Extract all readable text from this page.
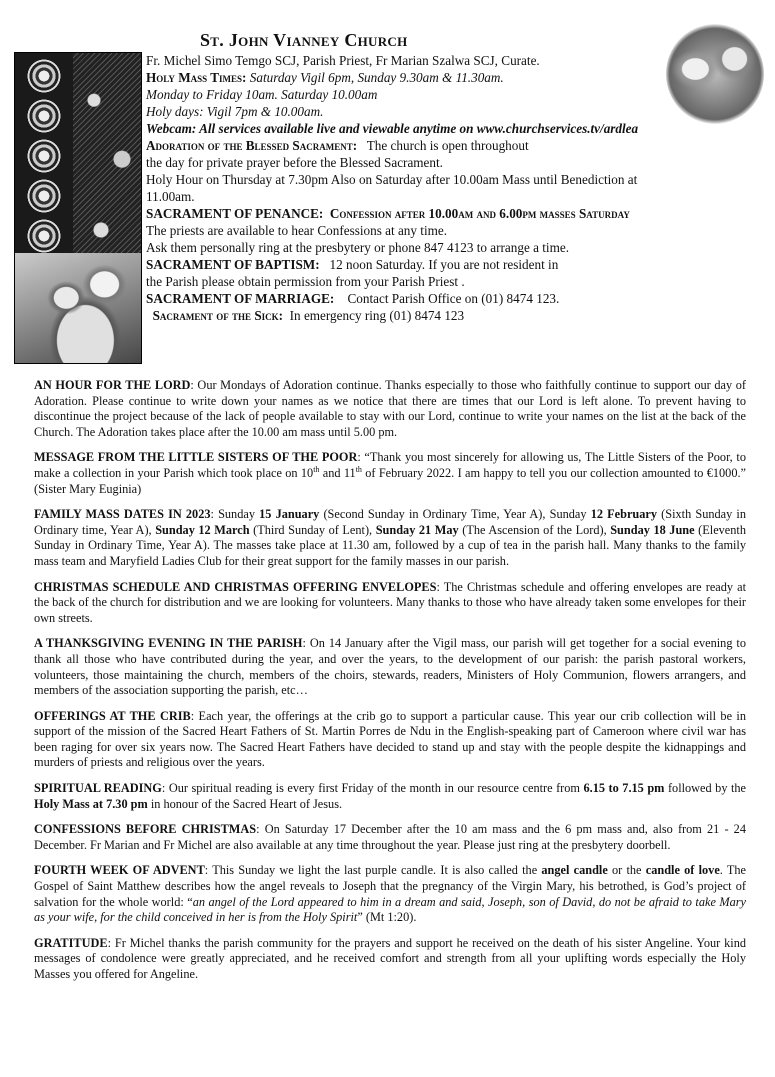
St. John Vianney Church
Fr. Michel Simo Temgo SCJ, Parish Priest, Fr Marian Szalwa SCJ, Curate.
Holy Mass Times: Saturday Vigil 6pm, Sunday 9.30am & 11.30am.
Monday to Friday 10am. Saturday 10.00am
Holy days: Vigil 7pm & 10.00am.
Webcam: All services available live and viewable anytime on www.churchservices.tv/ardlea
Adoration of the Blessed Sacrament: The church is open throughout
the day for private prayer before the Blessed Sacrament.
Holy Hour on Thursday at 7.30pm Also on Saturday after 10.00am Mass until Benediction at
11.00am.
SACRAMENT OF PENANCE: Confession after 10.00am and 6.00pm masses Saturday
The priests are available to hear Confessions at any time.
Ask them personally ring at the presbytery or phone 847 4123 to arrange a time.
SACRAMENT OF BAPTISM: 12 noon Saturday. If you are not resident in
the Parish please obtain permission from your Parish Priest .
SACRAMENT OF MARRIAGE: Contact Parish Office on (01) 8474 123.
Sacrament of the Sick: In emergency ring (01) 8474 123

AN HOUR FOR THE LORD: Our Mondays of Adoration continue. Thanks especially to those who faithfully continue to support our day of Adoration. Please continue to write down your names as we notice that there are times that our Lord is left alone. To prevent having to discontinue the project because of the lack of people available to stay with our Lord, continue to write your names on the list at the back of the Church. The Adoration takes place after the 10.00 am mass until 5.00 pm.

MESSAGE FROM THE LITTLE SISTERS OF THE POOR: “Thank you most sincerely for allowing us, The Little Sisters of the Poor, to make a collection in your Parish which took place on 10th and 11th of February 2022. I am happy to tell you our collection amounted to €1000.” (Sister Mary Euginia)

FAMILY MASS DATES IN 2023: Sunday 15 January (Second Sunday in Ordinary Time, Year A), Sunday 12 February (Sixth Sunday in Ordinary time, Year A), Sunday 12 March (Third Sunday of Lent), Sunday 21 May (The Ascension of the Lord), Sunday 18 June (Eleventh Sunday in Ordinary Time, Year A). The masses take place at 11.30 am, followed by a cup of tea in the parish hall. Many thanks to the family mass team and Maryfield Ladies Club for their great support for the family masses in our parish.

CHRISTMAS SCHEDULE AND CHRISTMAS OFFERING ENVELOPES: The Christmas schedule and offering envelopes are ready at the back of the church for distribution and we are looking for volunteers. Many thanks to those who have already taken some envelopes for their own streets.

A THANKSGIVING EVENING IN THE PARISH: On 14 January after the Vigil mass, our parish will get together for a social evening to thank all those who have contributed during the year, and over the years, to the development of our parish: the parish pastoral workers, volunteers, those maintaining the church, members of the choirs, stewards, readers, Ministers of Holy Communion, flowers arrangers, and members of the association supporting the parish, etc…

OFFERINGS AT THE CRIB: Each year, the offerings at the crib go to support a particular cause. This year our crib collection will be in support of the mission of the Sacred Heart Fathers of St. Martin Porres de Ndu in the English-speaking part of Cameroon where civil war has been raging for over six years now. The Sacred Heart Fathers have decided to stand up and stay with the people despite the kidnappings and murders of priests and religious over the years.

SPIRITUAL READING: Our spiritual reading is every first Friday of the month in our resource centre from 6.15 to 7.15 pm followed by the Holy Mass at 7.30 pm in honour of the Sacred Heart of Jesus.

CONFESSIONS BEFORE CHRISTMAS: On Saturday 17 December after the 10 am mass and the 6 pm mass and, also from 21 - 24 December. Fr Marian and Fr Michel are also available at any time throughout the year. Please just ring at the presbytery doorbell.

FOURTH WEEK OF ADVENT: This Sunday we light the last purple candle. It is also called the angel candle or the candle of love. The Gospel of Saint Matthew describes how the angel reveals to Joseph that the pregnancy of the Virgin Mary, his betrothed, is God’s project of salvation for the whole world: “an angel of the Lord appeared to him in a dream and said, Joseph, son of David, do not be afraid to take Mary as your wife, for the child conceived in her is from the Holy Spirit” (Mt 1:20).

GRATITUDE: Fr Michel thanks the parish community for the prayers and support he received on the death of his sister Angeline. Your kind messages of condolence were greatly appreciated, and he received comfort and strength from all your uplifting words especially the Holy Masses you offered for Angeline.
